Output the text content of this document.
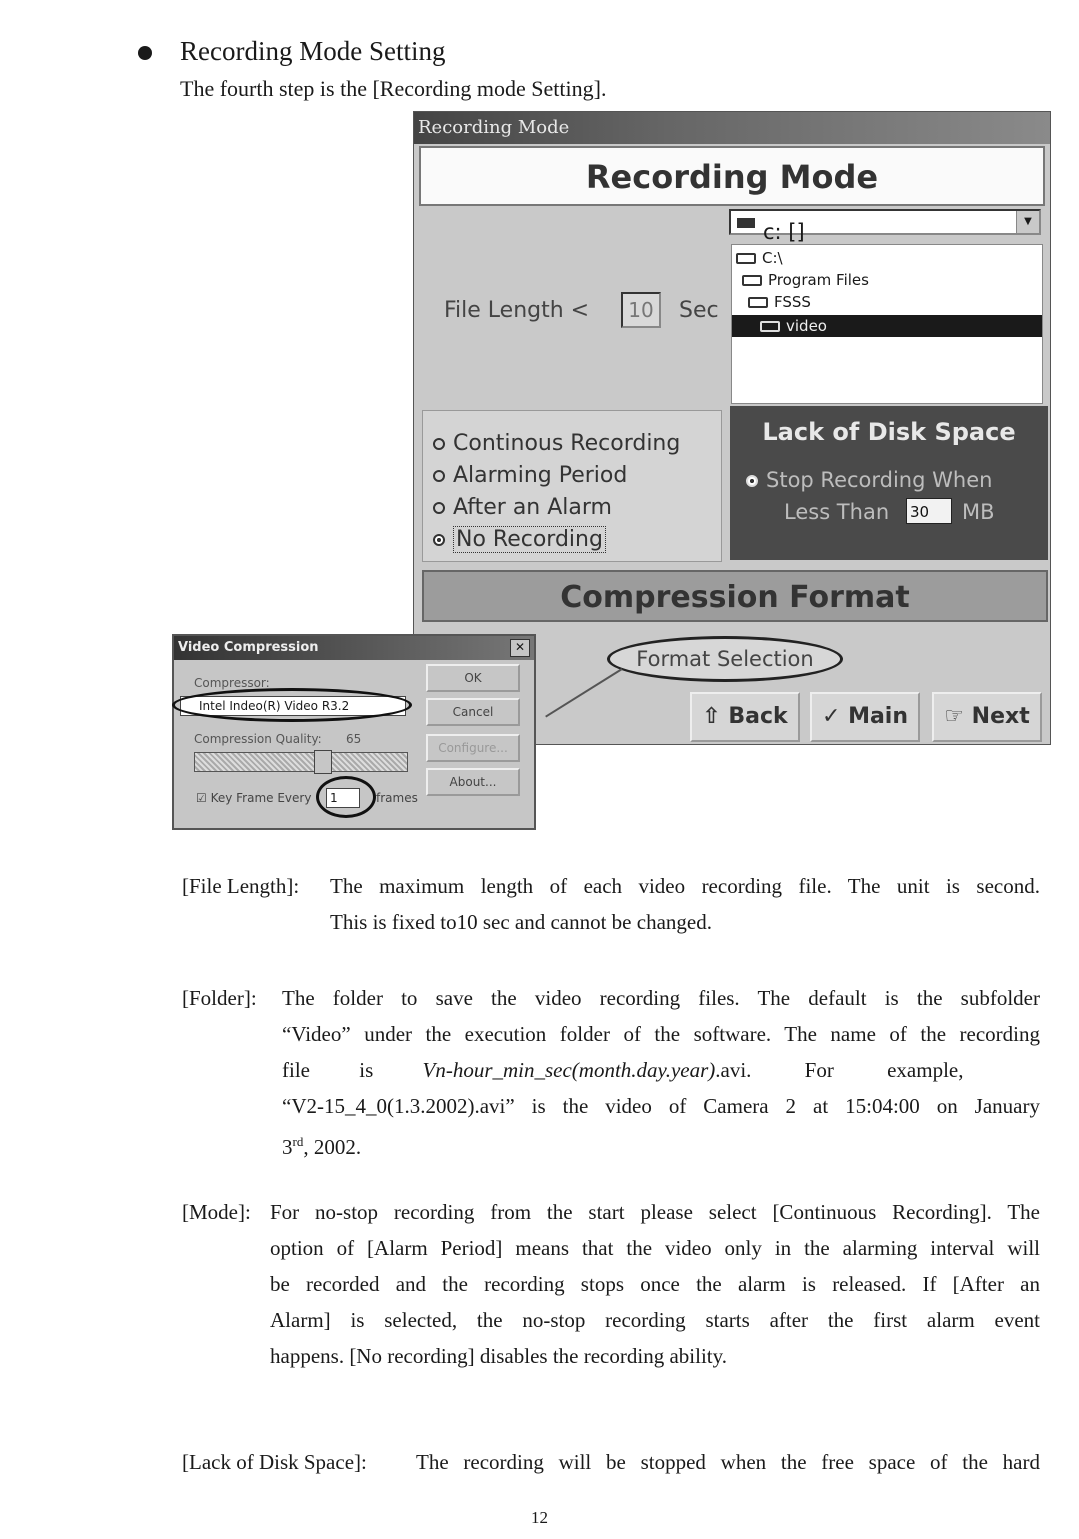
Recording Mode Setting
The fourth step is the [Recording mode Setting].
Recording Mode
Recording Mode
c: []	▼
C:\
Program Files
FSSS
video
File Length <	10	Sec
Continous Recording
Alarming Period
After an Alarm
No Recording
Lack of Disk Space
Stop Recording When
Less Than 30	MB
Compression Format
Format Selection
⇧ Back	✓ Main	☞ Next
Video Compression	✕
Compressor:
Intel Indeo(R) Video R3.2
Compression Quality: 65
☑ Key Frame Every	1	frames
OK
Cancel
Configure...
About...
[File Length]: The maximum length of each video recording file. The unit is second.
This is fixed to10 sec and cannot be changed.
[Folder]: The folder to save the video recording files. The default is the subfolder
“Video” under the execution folder of the software. The name of the recording
file is Vn-hour_min_sec(month.day.year).avi. For example,
“V2-15_4_0(1.3.2002).avi” is the video of Camera 2 at 15:04:00 on January
3rd, 2002.
[Mode]: For no-stop recording from the start please select [Continuous Recording]. The
option of [Alarm Period] means that the video only in the alarming interval will
be recorded and the recording stops once the alarm is released. If [After an
Alarm] is selected, the no-stop recording starts after the first alarm event
happens. [No recording] disables the recording ability.
[Lack of Disk Space]: The recording will be stopped when the free space of the hard
12
